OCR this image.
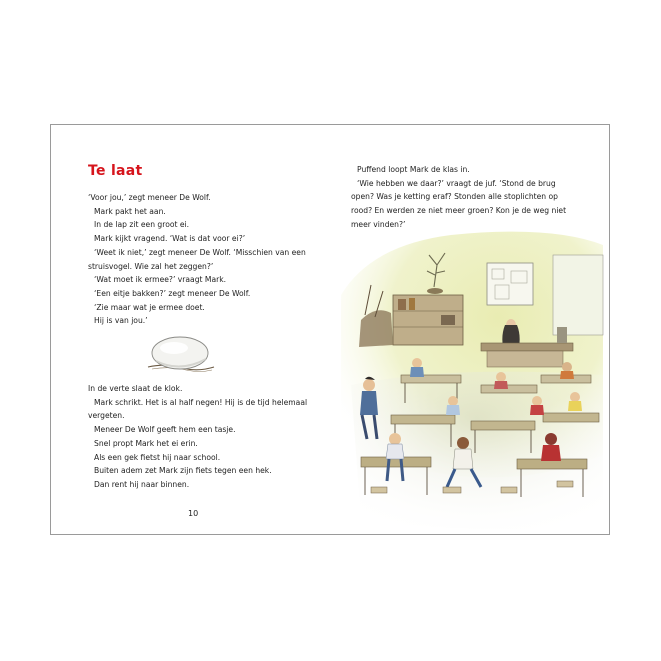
Te laat
‘Voor jou,’ zegt meneer De Wolf.
Mark pakt het aan.
In de lap zit een groot ei.
Mark kijkt vragend. ‘Wat is dat voor ei?’
‘Weet ik niet,’ zegt meneer De Wolf. ‘Misschien van een
struisvogel. Wie zal het zeggen?’
‘Wat moet ik ermee?’ vraagt Mark.
‘Een eitje bakken?’ zegt meneer De Wolf.
‘Zie maar wat je ermee doet.
Hij is van jou.’
In de verte slaat de klok.
Mark schrikt. Het is al half negen! Hij is de tijd helemaal
vergeten.
Meneer De Wolf geeft hem een tasje.
Snel propt Mark het ei erin.
Als een gek fietst hij naar school.
Buiten adem zet Mark zijn fiets tegen een hek.
Dan rent hij naar binnen.
10
Puffend loopt Mark de klas in.
‘Wie hebben we daar?’ vraagt de juf. ‘Stond de brug
open? Was je ketting eraf? Stonden alle stoplichten op
rood? En werden ze niet meer groen? Kon je de weg niet
meer vinden?’
